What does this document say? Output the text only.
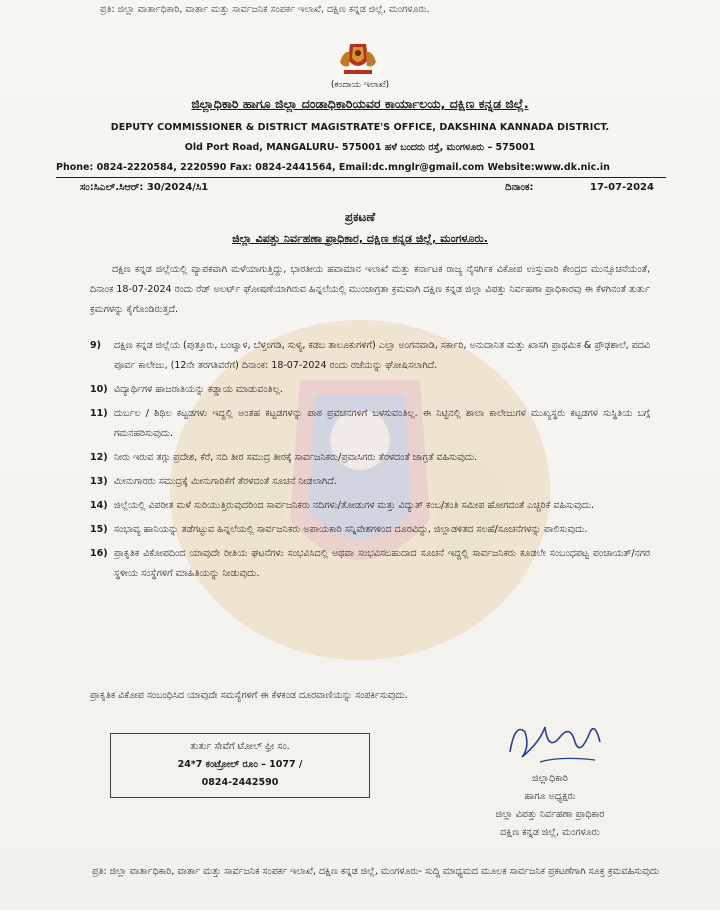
ಪ್ರತಿ: ಜಿಲ್ಲಾ ವಾರ್ತಾಧಿಕಾರಿ, ವಾರ್ತಾ ಮತ್ತು ಸಾರ್ವಜನಿಕ ಸಂಪರ್ಕ ಇಲಾಖೆ, ದಕ್ಷಿಣ ಕನ್ನಡ ಜಿಲ್ಲೆ, ಮಂಗಳೂರು.
(ಕಂದಾಯ ಇಲಾಖೆ)
ಜಿಲ್ಲಾಧಿಕಾರಿ ಹಾಗೂ ಜಿಲ್ಲಾ ದಂಡಾಧಿಕಾರಿಯವರ ಕಾರ್ಯಾಲಯ, ದಕ್ಷಿಣ ಕನ್ನಡ ಜಿಲ್ಲೆ.
DEPUTY COMMISSIONER & DISTRICT MAGISTRATE'S OFFICE, DAKSHINA KANNADA DISTRICT.
Old Port Road, MANGALURU- 575001 ಹಳೆ ಬಂದರು ರಸ್ತೆ, ಮಂಗಳೂರು – 575001
Phone: 0824-2220584, 2220590 Fax: 0824-2441564, Email:dc.mnglr@gmail.com Website:www.dk.nic.in
ಸಂ:ಸಿಎಲ್.ಸಿಆರ್: 30/2024/ಸಿ1	ದಿನಾಂಕ:	17-07-2024
ಪ್ರಕಟಣೆ
ಜಿಲ್ಲಾ ವಿಪತ್ತು ನಿರ್ವಹಣಾ ಪ್ರಾಧಿಕಾರ, ದಕ್ಷಿಣ ಕನ್ನಡ ಜಿಲ್ಲೆ, ಮಂಗಳೂರು.
ದಕ್ಷಿಣ ಕನ್ನಡ ಜಿಲ್ಲೆಯಲ್ಲಿ ವ್ಯಾಪಕವಾಗಿ ಮಳೆಯಾಗುತ್ತಿದ್ದು, ಭಾರತೀಯ ಹವಾಮಾನ ಇಲಾಖೆ ಮತ್ತು ಕರ್ನಾಟಕ ರಾಜ್ಯ ನೈಸರ್ಗಿಕ ವಿಕೋಪ ಉಸ್ತುವಾರಿ ಕೇಂದ್ರದ ಮುನ್ಸೂಚನೆಯಂತೆ, ದಿನಾಂಕ 18-07-2024 ರಂದು ರೆಡ್ ಅಲರ್ಟ್ ಘೋಷಣೆಯಾಗಿರುವ ಹಿನ್ನಲೆಯಲ್ಲಿ ಮುಂಜಾಗ್ರತಾ ಕ್ರಮವಾಗಿ ದಕ್ಷಿಣ ಕನ್ನಡ ಜಿಲ್ಲಾ ವಿಪತ್ತು ನಿರ್ವಹಣಾ ಪ್ರಾಧಿಕಾರವು ಈ ಕೆಳಗಿನಂತೆ ತುರ್ತು ಕ್ರಮಗಳನ್ನು ಕೈಗೊಂಡಿರುತ್ತದೆ.
9) ದಕ್ಷಿಣ ಕನ್ನಡ ಜಿಲ್ಲೆಯ (ಪುತ್ತೂರು, ಬಂಟ್ವಾಳ, ಬೆಳ್ತಂಗಡಿ, ಸುಳ್ಯ, ಕಡಬ ತಾಲೂಕುಗಳಿಗೆ) ಎಲ್ಲಾ ಅಂಗನವಾಡಿ, ಸರ್ಕಾರಿ, ಅನುದಾನಿತ ಮತ್ತು ಖಾಸಗಿ ಪ್ರಾಥಮಿಕ & ಪ್ರೌಢಶಾಲೆ, ಪದವಿ ಪೂರ್ವ ಕಾಲೇಜು, (12ನೇ ತರಗತಿವರೆಗೆ) ದಿನಾಂಕ: 18-07-2024 ರಂದು ರಜೆಯನ್ನು ಘೋಷಿಸಲಾಗಿದೆ.
10) ವಿದ್ಯಾರ್ಥಿಗಳ ಹಾಜರಾತಿಯನ್ನು ಕಡ್ಡಾಯ ಮಾಡುವಂತಿಲ್ಲ.
11) ದುರ್ಬಲ / ಶಿಥಿಲ ಕಟ್ಟಡಗಳು ಇದ್ದಲ್ಲಿ ಅಂತಹ ಕಟ್ಟಡಗಳನ್ನು ಪಾಠ ಪ್ರವಚನಗಳಿಗೆ ಬಳಸುವಂತಿಲ್ಲ. ಈ ನಿಟ್ಟಿನಲ್ಲಿ ಶಾಲಾ ಕಾಲೇಜುಗಳ ಮುಖ್ಯಸ್ಥರು ಕಟ್ಟಡಗಳ ಸುಸ್ಥಿತಿಯ ಬಗ್ಗೆ ಗಮನಹರಿಸುವುದು.
12) ನೀರು ಇರುವ ತಗ್ಗು ಪ್ರದೇಶ, ಕೆರೆ, ನದಿ ತೀರ ಸಮುದ್ರ ತೀರಕ್ಕೆ ಸಾರ್ವಜನಿಕರು/ಪ್ರವಾಸಿಗರು ತೆರಳದಂತೆ ಜಾಗ್ರತೆ ವಹಿಸುವುದು.
13) ಮೀನುಗಾರರು ಸಮುದ್ರಕ್ಕೆ ಮೀನುಗಾರಿಕೆಗೆ ತೆರಳದಂತೆ ಸೂಚನೆ ನೀಡಲಾಗಿದೆ.
14) ಜಿಲ್ಲೆಯಲ್ಲಿ ವಿಪರೀತ ಮಳೆ ಸುರಿಯುತ್ತಿರುವುದರಿಂದ ಸಾರ್ವಜನಿಕರು ನದಿಗಳು/ತೋಡುಗಳ ಮತ್ತು ವಿದ್ಯುತ್ ಕಂಬ/ತಂತಿ ಸಮೀಪ ಹೋಗದಂತೆ ಎಚ್ಚರಿಕೆ ವಹಿಸುವುದು.
15) ಸಂಭಾವ್ಯ ಹಾನಿಯನ್ನು ತಡೆಗಟ್ಟುವ ಹಿನ್ನಲೆಯಲ್ಲಿ ಸಾರ್ವಜನಿಕರು ಅಪಾಯಕಾರಿ ಸನ್ನಿವೇಶಗಳಿಂದ ದೂರವಿದ್ದು, ಜಿಲ್ಲಾಡಳಿತದ ಸಲಹೆ/ಸೂಚನೆಗಳನ್ನು ಪಾಲಿಸುವುದು.
16) ಪ್ರಾಕೃತಿಕ ವಿಕೋಪದಿಂದ ಯಾವುದೇ ರೀತಿಯ ಘಟನೆಗಳು ಸಂಭವಿಸಿದಲ್ಲಿ ಅಥವಾ ಸಂಭವಿಸಬಹುದಾದ ಸೂಚನೆ ಇದ್ದಲ್ಲಿ ಸಾರ್ವಜನಿಕರು ಕೂಡಲೇ ಸಂಬಂಧಪಟ್ಟ ಪಂಚಾಯತ್/ನಗರ ಸ್ಥಳೀಯ ಸಂಸ್ಥೆಗಳಿಗೆ ಮಾಹಿತಿಯನ್ನು ನೀಡುವುದು.
ಪ್ರಾಕೃತಿಕ ವಿಕೋಪ ಸಂಬಂಧಿಸಿದ ಯಾವುದೇ ಸಮಸ್ಯೆಗಳಿಗೆ ಈ ಕೆಳಕಂಡ ದೂರವಾಣಿಯನ್ನು ಸಂಪರ್ಕಿಸುವುದು.
ತುರ್ತು ಸೇವೆಗೆ ಟೋಲ್ ಫ್ರೀ ಸಂ.
24*7 ಕಂಟ್ರೋಲ್ ರೂಂ – 1077 /
0824-2442590	ಜಿಲ್ಲಾಧಿಕಾರಿ
ಹಾಗೂ ಅಧ್ಯಕ್ಷರು
ಜಿಲ್ಲಾ ವಿಪತ್ತು ನಿರ್ವಹಣಾ ಪ್ರಾಧಿಕಾರ
ದಕ್ಷಿಣ ಕನ್ನಡ ಜಿಲ್ಲೆ, ಮಂಗಳೂರು
ಪ್ರತಿ: ಜಿಲ್ಲಾ ವಾರ್ತಾಧಿಕಾರಿ, ವಾರ್ತಾ ಮತ್ತು ಸಾರ್ವಜನಿಕ ಸಂಪರ್ಕ ಇಲಾಖೆ, ದಕ್ಷಿಣ ಕನ್ನಡ ಜಿಲ್ಲೆ, ಮಂಗಳೂರು- ಸುದ್ದಿ ಮಾಧ್ಯಮದ ಮೂಲಕ ಸಾರ್ವಜನಿಕ ಪ್ರಕಟಣೆಗಾಗಿ ಸೂಕ್ತ ಕ್ರಮವಹಿಸುವುದು
